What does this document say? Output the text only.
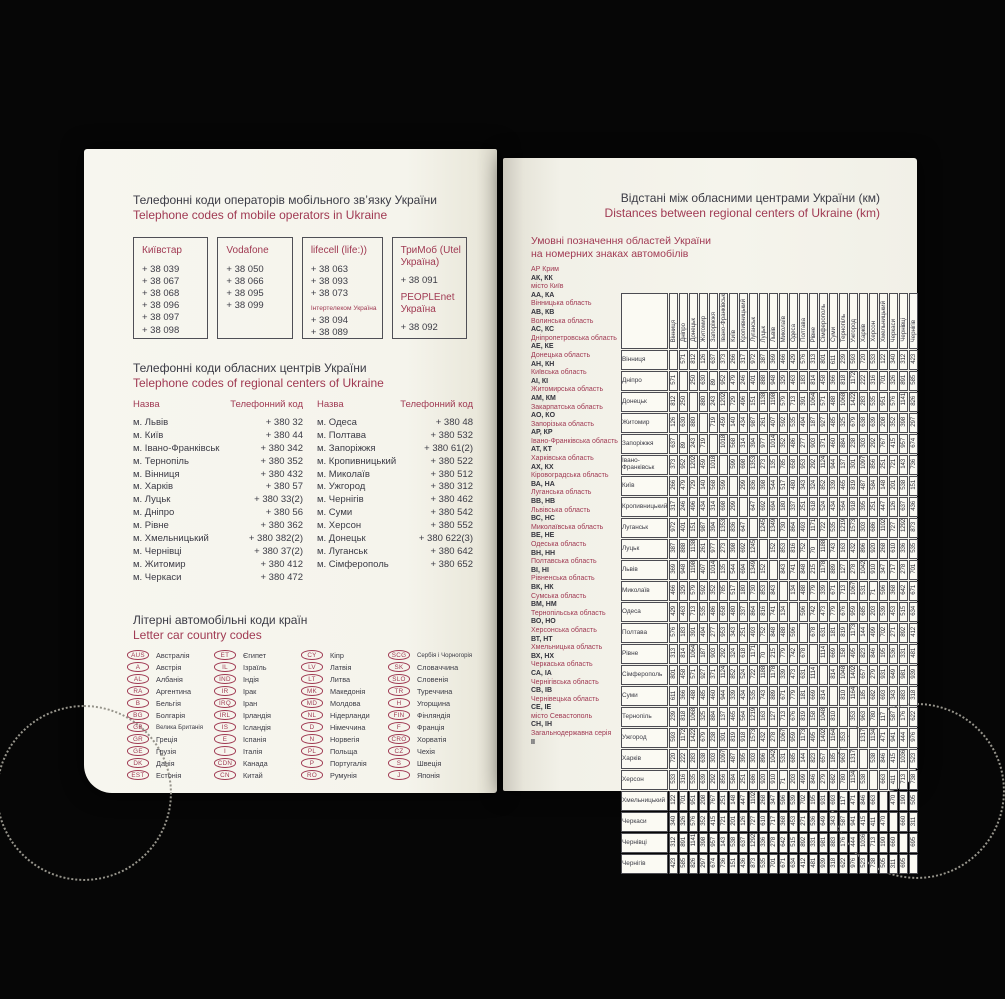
Телефонні коди операторів мобільного зв’язку України
Telephone codes of mobile operators in Ukraine
Київстар
+ 38 039
+ 38 067
+ 38 068
+ 38 096
+ 38 097
+ 38 098
Vodafone
+ 38 050
+ 38 066
+ 38 095
+ 38 099
lifecell (life:))
+ 38 063
+ 38 093
+ 38 073
Інтертелеком Україна
+ 38 094
+ 38 089
ТриМоб (Utel Україна)
+ 38 091
PEOPLEnet Україна
+ 38 092
Телефонні коди обласних центрів України
Telephone codes of regional centers of Ukraine
Назва	Телефонний код
м. Львів	+ 380 32
м. Київ	+ 380 44
м. Івано-Франківськ	+ 380 342
м. Тернопіль	+ 380 352
м. Вінниця	+ 380 432
м. Харків	+ 380 57
м. Луцьк	+ 380 33(2)
м. Дніпро	+ 380 56
м. Рівне	+ 380 362
м. Хмельницький	+ 380 382(2)
м. Чернівці	+ 380 37(2)
м. Житомир	+ 380 412
м. Черкаси	+ 380 472
Назва	Телефонний код
м. Одеса	+ 380 48
м. Полтава	+ 380 532
м. Запоріжжя	+ 380 61(2)
м. Кропивницький	+ 380 522
м. Миколаїв	+ 380 512
м. Ужгород	+ 380 312
м. Чернігів	+ 380 462
м. Суми	+ 380 542
м. Херсон	+ 380 552
м. Донецьк	+ 380 622(3)
м. Луганськ	+ 380 642
м. Сімферополь	+ 380 652
Літерні автомобільні коди країн
Letter car country codes
AUS	Австралія
A	Австрія
AL	Албанія
RA	Аргентина
B	Бельгія
BG	Болгарія
GB	Велика Британія
GR	Греція
GE	Грузія
DK	Данія
EST	Естонія
ET	Єгипет
IL	Ізраїль
IND	Індія
IR	Ірак
IRQ	Іран
IRL	Ірландія
IS	Ісландія
E	Іспанія
I	Італія
CDN	Канада
CN	Китай
CY	Кіпр
LV	Латвія
LT	Литва
MK	Македонія
MD	Молдова
NL	Нідерланди
D	Німеччина
N	Норвегія
PL	Польща
P	Португалія
RO	Румунія
SCG	Сербія і Чорногорія
SK	Словаччина
SLO	Словенія
TR	Туреччина
H	Угорщина
FIN	Фінляндія
F	Франція
CRO	Хорватія
CZ	Чехія
S	Швеція
J	Японія
Відстані між обласними центрами України (км)
Distances between regional centers of Ukraine (km)
Умовні позначення областей України
на номерних знаках автомобілів
АР Крим
АК, КК
місто Київ
АА, КА
Вінницька область
АВ, КВ
Волинська область
АС, КС
Дніпропетровська область
АЕ, КЕ
Донецька область
АН, КН
Київська область
АІ, КІ
Житомирська область
АМ, КМ
Закарпатська область
АО, КО
Запорізька область
АР, КР
Івано-Франківська область
АТ, КТ
Харківська область
АХ, КХ
Кіровоградська область
ВА, НА
Луганська область
ВВ, НВ
Львівська область
ВС, НС
Миколаївська область
ВЕ, НЕ
Одеська область
ВН, НН
Полтавська область
ВІ, НІ
Рівненська область
ВК, НК
Сумська область
ВМ, НМ
Тернопільська область
ВО, НО
Херсонська область
ВТ, НТ
Хмельницька область
ВХ, НХ
Черкаська область
СА, ІА
Чернігівська область
СВ, ІВ
Чернівецька область
СЕ, ІЕ
місто Севастополь
СН, ІН
Загальнодержавна серія
ІІ
	Вінниця	Дніпро	Донецьк	Житомир	Запоріжжя	Івано-Франківськ	Київ	Кропивницький	Луганськ	Луцьк	Львів	Миколаїв	Одеса	Полтава	Рівне	Сімферополь	Суми	Тернопіль	Ужгород	Харків	Херсон	Хмельницький	Черкаси	Чернівці	Чернігів
Вінниця		571	812	126	637	373	266	317	972	387	369	466	429	576	313	801	611	239	593	720	533	122	340	312	423
Дніпро	571		250	630	89	952	479	246	401	888	948	329	463	183	814	458	366	818	1172	222	316	701	326	891	585
Донецьк	812	250		880	243	1202	729	496	151	1138	1198	579	713	391	1064	571	488	1068	1422	283	535	951	576	1141	826
Житомир	126	630	880		719	459	140	434	987	261	407	592	535	494	187	927	485	325	679	638	639	208	352	398	297
Запоріжжя	637	89	243	719		1018	568	314	394	977	1014	352	486	277	903	371	460	884	238	303	292	767	415	957	674
Івано-Франківськ	373	952	1202	459	1018		599	698	1353	273	135	785	658	953	292	1124	944	137	301	1097	856	251	721	143	736
Київ	266	479	729	140	568	599		299	836	398	544	517	480	343	324	852	339	465	819	487	584	148	201	538	151
Кропивницький	317	246	496	434	314	698	299		647	692	694	180	337	251	618	524	434	564	918	395	251	447	126	637	436
Луганськ	972	401	151	987	394	1353	836	647		1245	1349	730	864	493	1171	722	535	1219	1573	303	686	1102	727	1292	873
Луцьк	387	888	1138	261	977	273	398	692	1245		152	853	816	752	70	1188	743	163	432	896	920	268	610	336	535
Львів	369	948	1198	407	1014	135	544	694	1349	152		843	741	848	215	1178	889	127	278	1042	910	347	717	278	701
Миколаїв	466	329	579	592	352	785	517	180	730	853	843		134	488	779	339	671	713	1067	531	71	596	368	642	671
Одеса	429	463	713	535	486	658	480	337	864	816	741	134		596	742	473	779	676	959	685	203	539	453	515	634
Полтава	576	183	391	494	277	953	343	251	493	752	848	488	596		678	631	181	819	1173	144	499	702	271	892	412
Рівне	313	814	1064	187	903	292	324	618	1171	70	215	779	742	678		1114	669	158	495	823	846	195	536	331	481
Сімферополь	801	458	571	927	371	1124	852	524	722	1188	1178	339	473	631	1114		814	1048	1402	657	279	931	649	981	939
Суми	611	366	488	485	460	944	339	434	535	743	889	671	779	181	669	814		810	1164	185	682	693	343	883	318
Тернопіль	239	818	1068	325	884	137	465	564	1219	163	127	713	676	819	158	1048	810		353	963	780	117	587	176	622
Ужгород	593	1172	1422	679	238	301	819	918	1573	432	278	1067	959	1173	495	1402	1164	353		1317	1134	471	941	444	976
Харків	720	222	283	638	303	1097	487	395	303	896	1042	531	685	144	823	657	185	963	1317		538	846	415	1036	523
Херсон	533	316	535	639	292	856	584	251	686	920	910	71	203	499	846	279	682	780	1134	538		663	411	713	738
Хмельницький	122	701	951	208	767	251	148	447	1102	268	347	596	539	702	195	931	693	117	471	846	663		470	190	505
Черкаси	340	326	576	352	415	721	201	126	727	610	717	368	453	271	536	649	343	587	941	415	411	470		660	311
Чернівці	312	891	1141	398	957	143	538	637	1292	336	278	642	515	892	331	981	883	176	444	1036	713	190	660		695
Чернігів	423	585	826	297	674	736	151	436	873	535	701	671	634	412	481	939	318	622	976	523	738	505	311	695	
